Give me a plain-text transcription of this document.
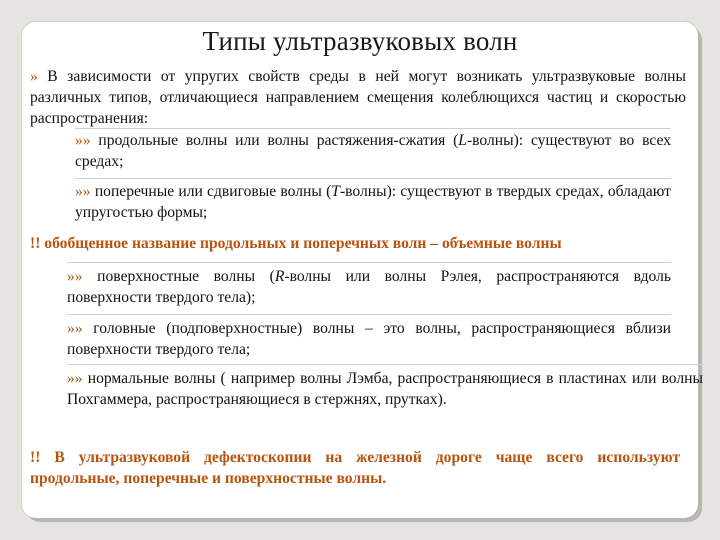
Типы ультразвуковых волн
» В зависимости от упругих свойств среды в ней могут возникать ультразвуковые волны различных типов, отличающиеся направлением смещения колеблющихся частиц и скоростью распространения:
»» продольные волны или волны растяжения-сжатия (L-волны): существуют во всех средах;
»» поперечные или сдвиговые волны (T-волны): существуют в твердых средах, обладают упругостью формы;
!! обобщенное название продольных и поперечных волн – объемные волны
»» поверхностные волны (R-волны или волны Рэлея, распространяются вдоль поверхности твердого тела);
»» головные (подповерхностные) волны – это волны, распространяющиеся вблизи поверхности твердого тела;
»» нормальные волны ( например волны Лэмба, распространяющиеся в пластинах или волны Похгаммера, распространяющиеся в стержнях, прутках).
!! В ультразвуковой дефектоскопии на железной дороге чаще всего используют продольные, поперечные и поверхностные волны.
